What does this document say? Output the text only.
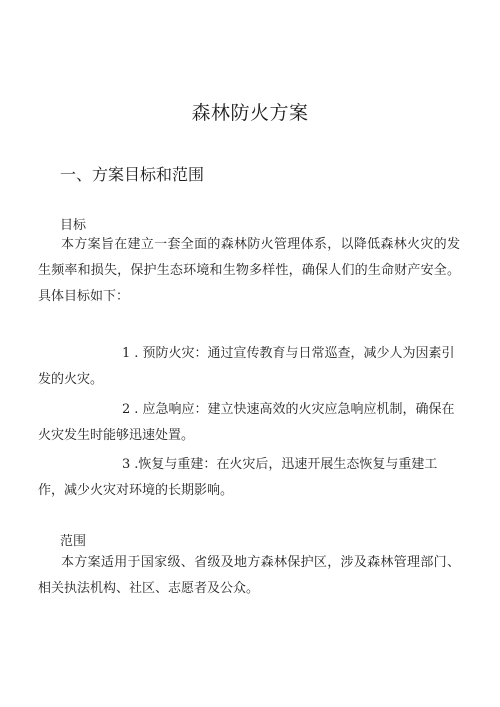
森林防火方案
一、方案目标和范围
目标

本方案旨在建立一套全面的森林防火管理体系，以降低森林火灾的发生频率和损失，保护生态环境和生物多样性，确保人们的生命财产安全。具体目标如下：

1 . 预防火灾：通过宣传教育与日常巡查，减少人为因素引发的火灾。

2 . 应急响应：建立快速高效的火灾应急响应机制，确保在火灾发生时能够迅速处置。

3 .恢复与重建：在火灾后，迅速开展生态恢复与重建工作，减少火灾对环境的长期影响。

范围

本方案适用于国家级、省级及地方森林保护区，涉及森林管理部门、相关执法机构、社区、志愿者及公众。
